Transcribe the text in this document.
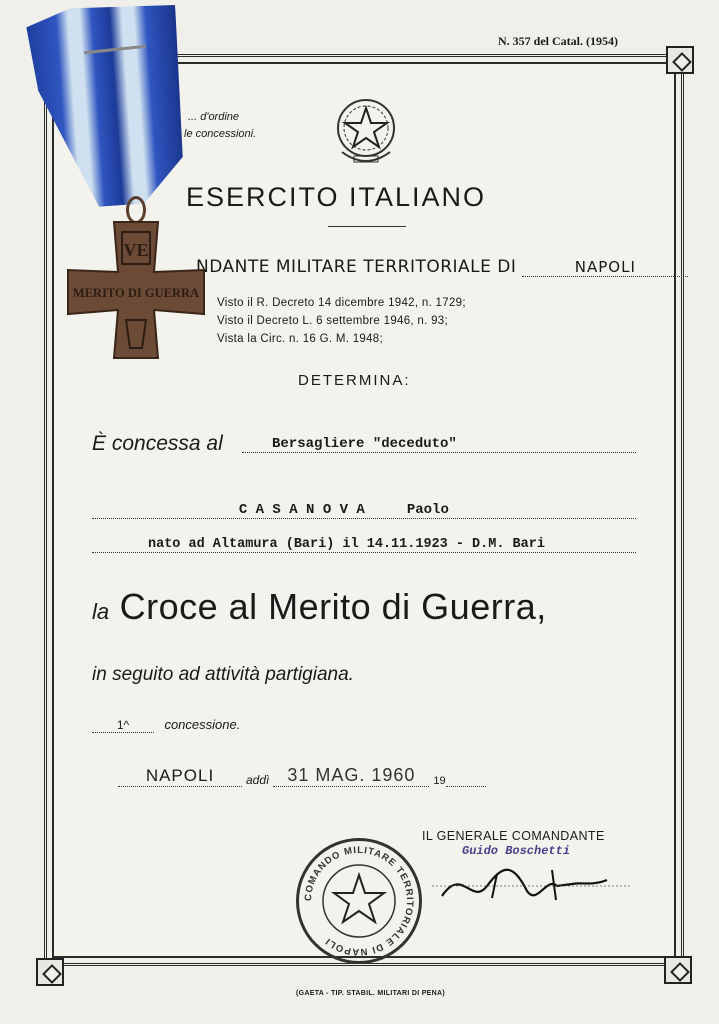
N. 357 del Catal. (1954)
... d'ordine
le concessioni.
ESERCITO ITALIANO
NDANTE MILITARE TERRITORIALE DI	NAPOLI
Visto il R. Decreto 14 dicembre 1942, n. 1729;
Visto il Decreto L. 6 settembre 1946, n. 93;
Vista la Circ. n. 16 G. M. 1948;
DETERMINA:
È concessa al	Bersagliere "deceduto"

C A S A N O V A     Paolo

nato ad Altamura (Bari) il 14.11.1923 - D.M. Bari
la Croce al Merito di Guerra,
in seguito ad attività partigiana.
1^	concessione.
NAPOLI	addì 31 MAG. 1960	19
IL GENERALE COMANDANTE
Guido Boschetti
COMANDO MILITARE TERRITORIALE DI NAPOLI
(GAETA - TIP. STABIL. MILITARI DI PENA)
VE
MERITO DI GUERRA
